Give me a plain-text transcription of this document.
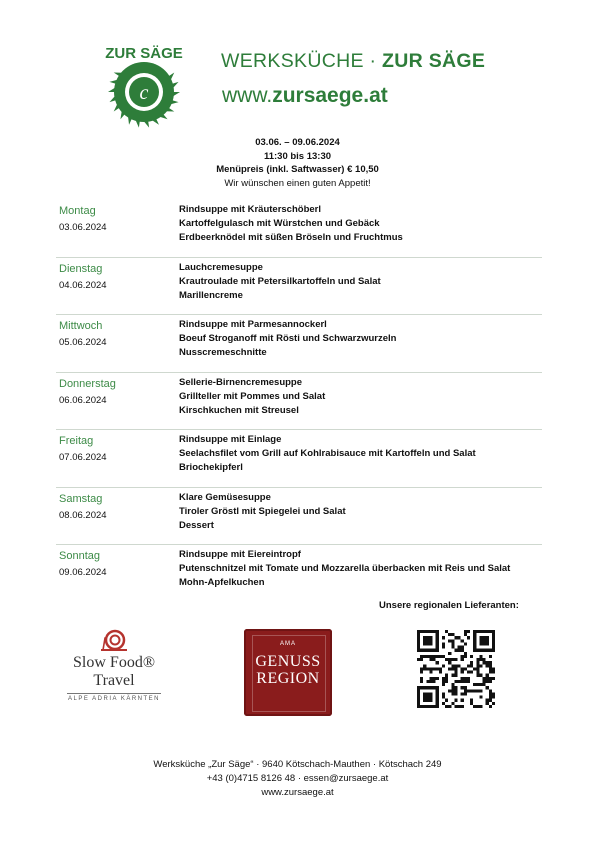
c
ZUR SÄGE WERKSKÜCHE · ZUR SÄGE
www.zursaege.at
03.06. – 09.06.2024
11:30 bis 13:30
Menüpreis (inkl. Saftwasser) € 10,50
Wir wünschen einen guten Appetit!
Montag
03.06.2024
Rindsuppe mit Kräuterschöberl
Kartoffelgulasch mit Würstchen und Gebäck
Erdbeerknödel mit süßen Bröseln und Fruchtmus
Dienstag
04.06.2024
Lauchcremesuppe
Krautroulade mit Petersilkartoffeln und Salat
Marillencreme
Mittwoch
05.06.2024
Rindsuppe mit Parmesannockerl
Boeuf Stroganoff mit Rösti und Schwarzwurzeln
Nusscremeschnitte
Donnerstag
06.06.2024
Sellerie-Birnencremesuppe
Grillteller mit Pommes und Salat
Kirschkuchen mit Streusel
Freitag
07.06.2024
Rindsuppe mit Einlage
Seelachsfilet vom Grill auf Kohlrabisauce mit Kartoffeln und Salat
Briochekipferl
Samstag
08.06.2024
Klare Gemüsesuppe
Tiroler Gröstl mit Spiegelei und Salat
Dessert
Sonntag
09.06.2024
Rindsuppe mit Eiereintropf
Putenschnitzel mit Tomate und Mozzarella überbacken mit Reis und Salat
Mohn-Apfelkuchen
Unsere regionalen Lieferanten:
Slow Food®
Travel
ALPE ADRIA KÄRNTEN
AMA
GENUSS
REGION
Werksküche „Zur Säge“ · 9640 Kötschach-Mauthen · Kötschach 249
+43 (0)4715 8126 48 · essen@zursaege.at
www.zursaege.at
